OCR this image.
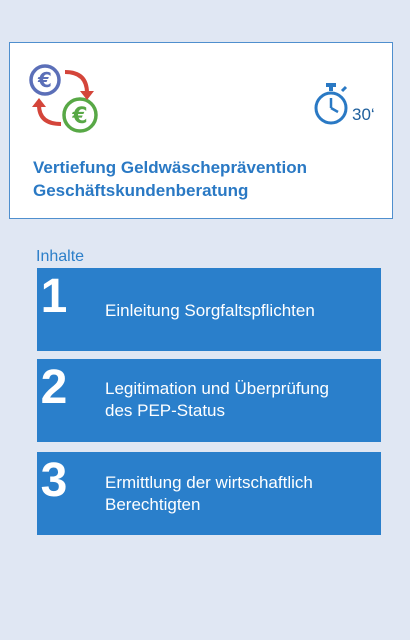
€
€	30‘
Vertiefung Geldwäscheprävention
Geschäftskundenberatung
Inhalte
1 Einleitung Sorgfaltspflichten
2 Legitimation und Überprüfung
des PEP-Status
3 Ermittlung der wirtschaftlich
Berechtigten
